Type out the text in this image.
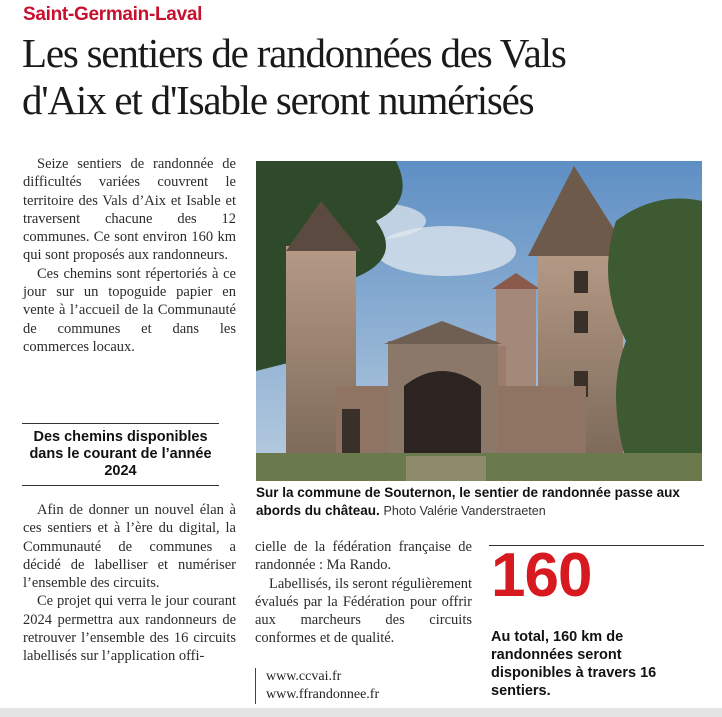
Saint-Germain-Laval
Les sentiers de randonnées des Vals
d'Aix et d'Isable seront numérisés

Seize sentiers de randonnée de difficultés variées couvrent le territoire des Vals d’Aix et Isable et traversent chacune des 12 communes. Ce sont environ 160 km qui sont proposés aux randonneurs.

Ces chemins sont répertoriés à ce jour sur un topoguide papier en vente à l’accueil de la Communauté de communes et dans les commerces locaux.

Des chemins disponibles dans le courant de l’année 2024

Afin de donner un nouvel élan à ces sentiers et à l’ère du digital, la Communauté de communes a décidé de labelliser et numériser l’ensemble des circuits.

Ce projet qui verra le jour courant 2024 permettra aux randonneurs de retrouver l’ensemble des 16 circuits labellisés sur l’application offi-

Sur la commune de Souternon, le sentier de randonnée passe aux abords du château. Photo Valérie Vanderstraeten

cielle de la fédération française de randonnée : Ma Rando.

Labellisés, ils seront régulièrement évalués par la Fédération pour offrir aux marcheurs des circuits conformes et de qualité.

www.ccvai.fr
www.ffrandonnee.fr
160
Au total, 160 km de randonnées seront disponibles à travers 16 sentiers.
